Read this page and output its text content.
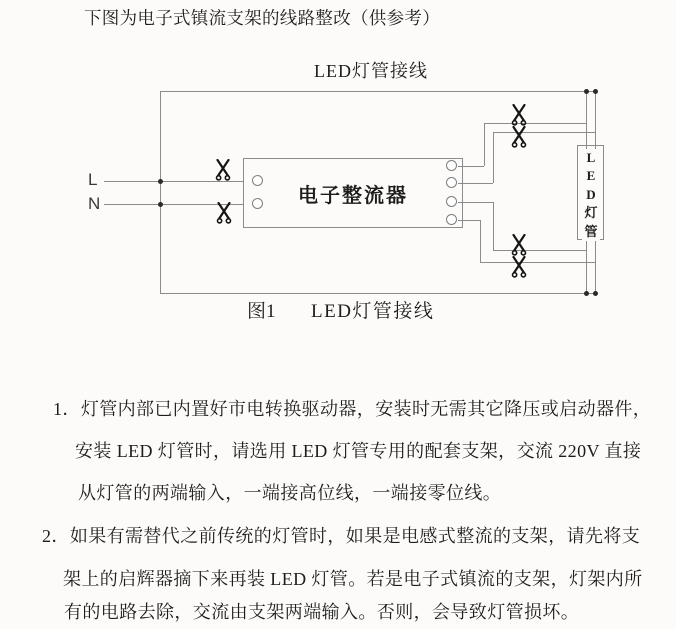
下图为电子式镇流支架的线路整改（供参考）
LED灯管接线
L
N	电子整流器
L
E
D
灯
管
图1 LED灯管接线
1．灯管内部已内置好市电转换驱动器，安装时无需其它降压或启动器件，
安装 LED 灯管时，请选用 LED 灯管专用的配套支架，交流 220V 直接
从灯管的两端输入，一端接高位线，一端接零位线。
2．如果有需替代之前传统的灯管时，如果是电感式整流的支架，请先将支
架上的启辉器摘下来再装 LED 灯管。若是电子式镇流的支架，灯架内所
有的电路去除，交流由支架两端输入。否则，会导致灯管损坏。
